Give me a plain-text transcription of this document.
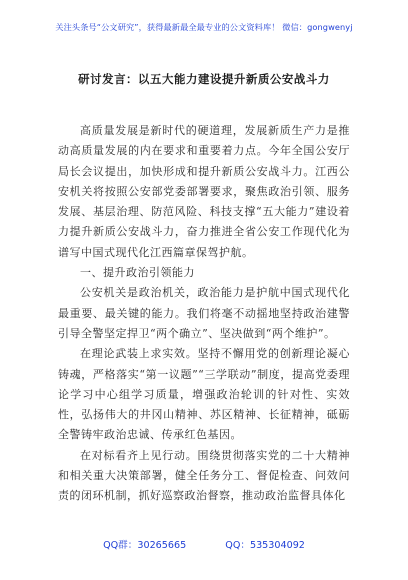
关注头条号“公文研究”，获得最新最全最专业的公文资料库！ 微信：gongwenyj
研讨发言：以五大能力建设提升新质公安战斗力

高质量发展是新时代的硬道理，发展新质生产力是推动高质量发展的内在要求和重要着力点。今年全国公安厅局长会议提出，加快形成和提升新质公安战斗力。江西公安机关将按照公安部党委部署要求，聚焦政治引领、服务发展、基层治理、防范风险、科技支撑“五大能力”建设着力提升新质公安战斗力，奋力推进全省公安工作现代化为谱写中国式现代化江西篇章保驾护航。

一、提升政治引领能力

公安机关是政治机关，政治能力是护航中国式现代化最重要、最关键的能力。我们将毫不动摇地坚持政治建警引导全警坚定捍卫“两个确立”、坚决做到“两个维护”。

在理论武装上求实效。坚持不懈用党的创新理论凝心铸魂，严格落实“第一议题”“三学联动”制度，提高党委理论学习中心组学习质量，增强政治轮训的针对性、实效性，弘扬伟大的井冈山精神、苏区精神、长征精神，砥砺全警铸牢政治忠诚、传承红色基因。

在对标看齐上见行动。围绕贯彻落实党的二十大精神和相关重大决策部署，健全任务分工、督促检查、问效问责的闭环机制，抓好巡察政治督察，推动政治监督具体化

QQ群：30265665	QQ：535304092
